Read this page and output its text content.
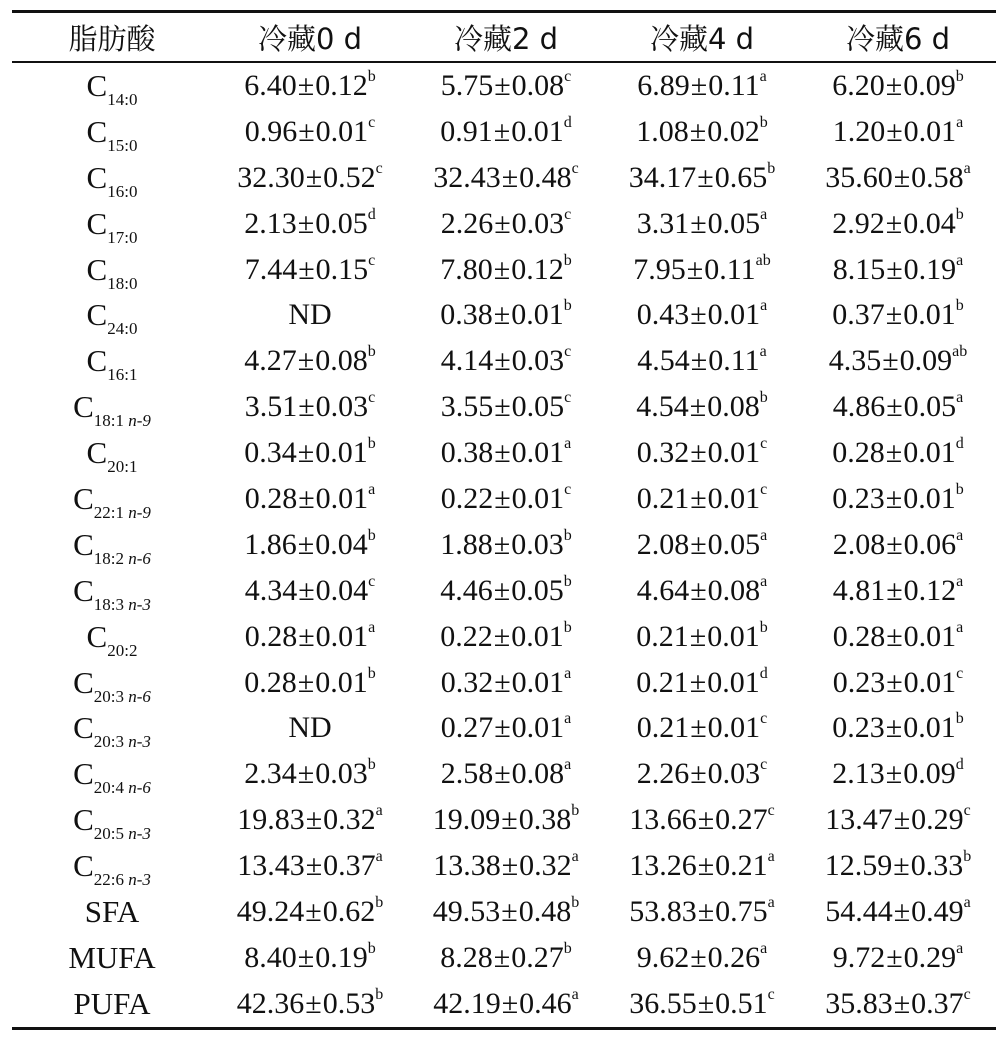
脂肪酸	冷藏0 d	冷藏2 d	冷藏4 d	冷藏6 d
$C_{14:0}$	6.40±0.12$^b$	5.75±0.08$^c$	6.89±0.11$^a$	6.20±0.09$^b$
$C_{15:0}$	0.96±0.01$^c$	0.91±0.01$^d$	1.08±0.02$^b$	1.20±0.01$^a$
$C_{16:0}$	32.30±0.52$^c$	32.43±0.48$^c$	34.17±0.65$^b$	35.60±0.58$^a$
$C_{17:0}$	2.13±0.05$^d$	2.26±0.03$^c$	3.31±0.05$^a$	2.92±0.04$^b$
$C_{18:0}$	7.44±0.15$^c$	7.80±0.12$^b$	7.95±0.11$^{ab}$	8.15±0.19$^a$
$C_{24:0}$	ND	0.38±0.01$^b$	0.43±0.01$^a$	0.37±0.01$^b$
$C_{16:1}$	4.27±0.08$^b$	4.14±0.03$^c$	4.54±0.11$^a$	4.35±0.09$^{ab}$
$C_{18:1 n-9}$	3.51±0.03$^c$	3.55±0.05$^c$	4.54±0.08$^b$	4.86±0.05$^a$
$C_{20:1}$	0.34±0.01$^b$	0.38±0.01$^a$	0.32±0.01$^c$	0.28±0.01$^d$
$C_{22:1 n-9}$	0.28±0.01$^a$	0.22±0.01$^c$	0.21±0.01$^c$	0.23±0.01$^b$
$C_{18:2 n-6}$	1.86±0.04$^b$	1.88±0.03$^b$	2.08±0.05$^a$	2.08±0.06$^a$
$C_{18:3 n-3}$	4.34±0.04$^c$	4.46±0.05$^b$	4.64±0.08$^a$	4.81±0.12$^a$
$C_{20:2}$	0.28±0.01$^a$	0.22±0.01$^b$	0.21±0.01$^b$	0.28±0.01$^a$
$C_{20:3 n-6}$	0.28±0.01$^b$	0.32±0.01$^a$	0.21±0.01$^d$	0.23±0.01$^c$
$C_{20:3 n-3}$	ND	0.27±0.01$^a$	0.21±0.01$^c$	0.23±0.01$^b$
$C_{20:4 n-6}$	2.34±0.03$^b$	2.58±0.08$^a$	2.26±0.03$^c$	2.13±0.09$^d$
$C_{20:5 n-3}$	19.83±0.32$^a$	19.09±0.38$^b$	13.66±0.27$^c$	13.47±0.29$^c$
$C_{22:6 n-3}$	13.43±0.37$^a$	13.38±0.32$^a$	13.26±0.21$^a$	12.59±0.33$^b$
SFA	49.24±0.62$^b$	49.53±0.48$^b$	53.83±0.75$^a$	54.44±0.49$^a$
MUFA	8.40±0.19$^b$	8.28±0.27$^b$	9.62±0.26$^a$	9.72±0.29$^a$
PUFA	42.36±0.53$^b$	42.19±0.46$^a$	36.55±0.51$^c$	35.83±0.37$^c$
